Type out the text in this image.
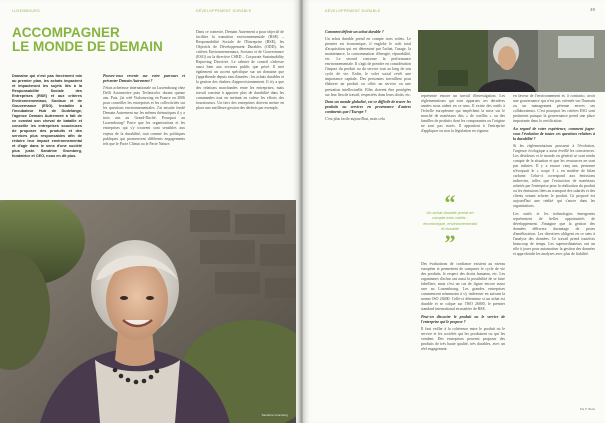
LUXEMBOURG	DÉVELOPPEMENT DURABLE
ACCOMPAGNER
LE MONDE DE DEMAIN
Domaine qui n'est pas forcément mis au premier plan, les achats impactent et impacteront les sujets liés à la Responsabilité Sociale des Entreprises (RSE) et aux critères Environnementaux, Sociaux et de Gouvernance (ESG). Installée à l'incubateur Hub de Dudelange, l'agence Demain Autrement a fait de ce constat son cheval de bataille et conseille les entreprises soucieuses de proposer des produits et des services plus responsables afin de réduire leur impact environnemental et d'agir dans le sens d'une société plus juste. Sandrine Grumberg, fondatrice et CEO, nous en dit plus.

Pouvez-vous revenir sur votre parcours et présenter Demain Autrement ?

J'étais acheteuse internationale au Luxembourg chez Delfi Automotive puis Technicolor durant quinze ans. Puis, j'ai créé Vialsourcing en France en 2006 pour conseiller les entreprises et les collectivités sur les questions environnementales. J'ai ensuite fondé Demain Autrement sur les mêmes thématiques il y a trois ans au Grand-Duché. Pourquoi au Luxembourg? Parce que les organisations et les entreprises qui s'y trouvent sont sensibles aux enjeux de la durabilité, tout comme les politiques publiques qui promeuvent différents engagements tels que le Pacte Climat ou le Pacte Nature.

Dans ce contexte, Demain Autrement a pour objectif de faciliter la transition environnementale (RSE) – Responsabilité Sociale de l'Entreprise (RSE), les Objectifs de Développement Durables (ODD), les critères Environnementaux, Sociaux et de Gouvernance (ESG) ou la directive CSRD – Corporate Sustainability Reporting Directive. Le cabinet de conseil s'adresse aussi bien aux secteurs public que privé. Il met également un accent spécifique sur un domaine que j'appréhende depuis tant d'années : les achats durables et la gestion des chaînes d'approvisionnement. Il n'y a que des relations marchandes entre les entreprises, mais travail consiste à apporter plus de durabilité dans les commandes tout en mettant en valeur les efforts des fournisseurs. Un tiers des entreprises doivent mettre en place une meilleure gestion des déchets par exemple.

Sandrine Grumberg
DÉVELOPPEMENT DURABLE	49

Comment définir un achat durable ?

Un achat durable prend en compte trois volets. Le premier est économique, il englobe le coût total d'acquisition qui est déterminé par l'achat, l'usage, la maintenance, la consommation d'énergie, réparabilité, etc. Le second concerne la performance environnementale. Il s'agit de prendre en considération l'impact du produit ou du service tout au long de son cycle de vie. Enfin, le volet social revêt une importance capitale. Des personnes travaillent pour élaborer un produit ou offrir un service ou une prestation intellectuelle. Elles doivent être protégées sur leur lieu de travail, respectées dans leurs droits, etc.

Dans un monde globalisé, est-ce difficile de tracer les produits ou services en provenance d'autres continents que l'Europe ?

C'est plus facile aujourd'hui, mais cela

représente encore un travail d'investigation. Les réglementations qui sont apparues ces dernières années nous aident en ce sens. Il existe des outils à l'échelle européenne qui empêchent la mise sur le marché de matériaux dits « de conflits » ou des familles de produits dont les composantes ou l'origine ne sont pas tracés. Il appartient à l'entreprise d'appliquer ou non la législation en vigueur.

“
Un achat durable prend en compte trois volets : économique, environnemental et durable
”

Des évaluations de confiance existent au niveau européen et permettent de comparer le cycle de vie des produits, le respect des droits humains, etc. Les organismes d'achat ont aussi la possibilité de se faire labelliser, mais c'est un cas de figure encore assez rare au Luxembourg. Les grandes entreprises commencent néanmoins à s'y intéresser en suivant la norme ISO 20400. Celle-ci détermine si un achat est durable et se calque sur l'ISO 26000, le premier standard international en matière de RSE.

Peut-on dissocier le produit ou le service de l'entreprise qui le propose ?

Il faut veiller à la cohérence entre le produit ou le service et les sociétés qui les produisent ou qui les vendent. Des entreprises peuvent proposer des produits de très haute qualité, très durables, avec un réel engagement

en faveur de l'environnement et, à contrario, avoir une gouvernance qui n'est pas orientée sur l'humain ou un management pérenne envers ses collaborateurs. C'est pourquoi les critères ESG sont pertinents puisque la gouvernance prend une place importante dans la certification.

Au regard de votre expérience, comment jugez-vous l'évolution de toutes ces questions relatives à la durabilité ?

Si les réglementations poussent à l'évolution, l'urgence écologique a aussi éveillé les consciences. Les décideurs et le monde en général se sont rendu compte de la situation et que les ressources ne sont pas infinies. Il y a encore cinq ans, personne n'évoquait le « scope 3 » en matière de bilan carbone. Celui-ci correspond aux émissions indirectes, telles que l'extraction de matériaux achetés par l'entreprise pour la réalisation du produit ou les émissions liées au transport des salariés et des clients venant acheter le produit. Ce proposé est aujourd'hui une réalité qui s'ancre dans les organisations.

Les outils et les technologies émergentes représentent de belles opportunités de développement. J'imagine que la gestion des données délivrera davantage de pistes d'amélioration. Les directives obligent en ce sens à l'analyse des données. Ce travail prend toutefois beaucoup de temps. Les superordinateurs ont un rôle à jouer pour automatiser la gestion des données et approfondir les analyses avec plus de fiabilité.

Pia P. Beck
